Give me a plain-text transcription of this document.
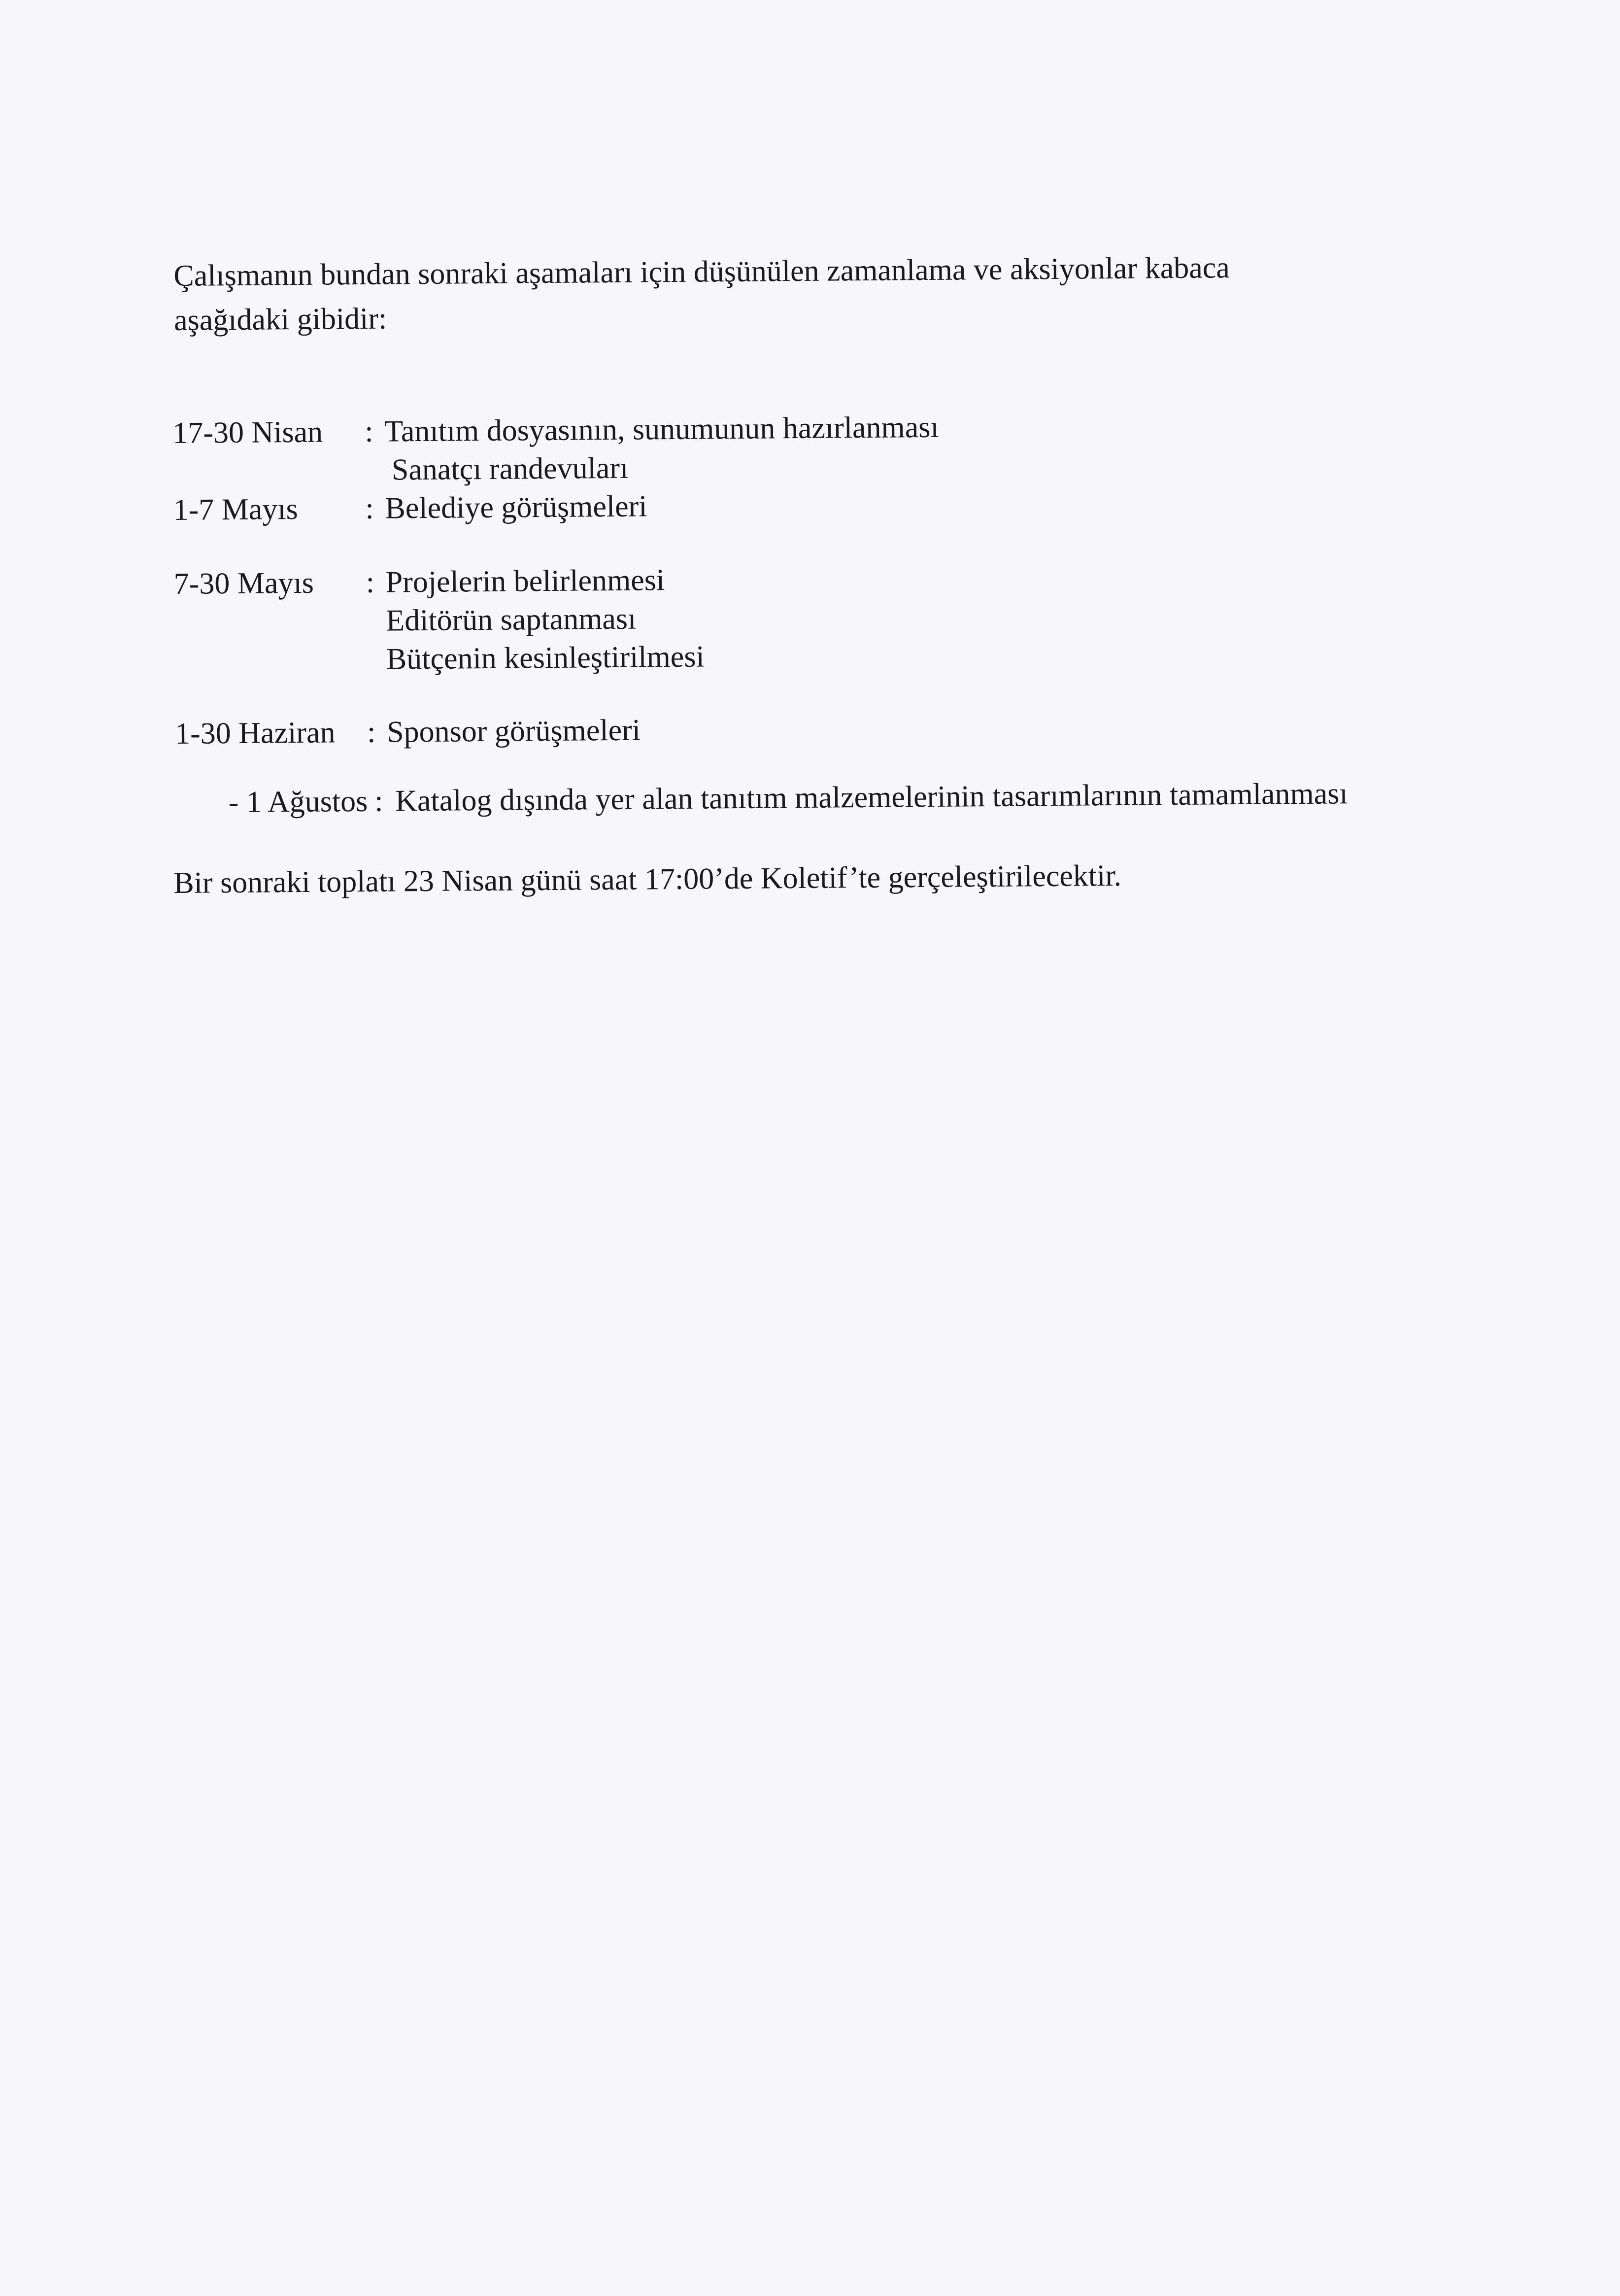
Çalışmanın bundan sonraki aşamaları için düşünülen zamanlama ve aksiyonlar kabaca
aşağıdaki gibidir:
17-30 Nisan	: Tanıtım dosyasının, sunumunun hazırlanması
Sanatçı randevuları
1-7 Mayıs	: Belediye görüşmeleri
7-30 Mayıs	: Projelerin belirlenmesi
Editörün saptanması
Bütçenin kesinleştirilmesi
1-30 Haziran	: Sponsor görüşmeleri
- 1 Ağustos : Katalog dışında yer alan tanıtım malzemelerinin tasarımlarının tamamlanması
Bir sonraki toplatı 23 Nisan günü saat 17:00’de Koletif’te gerçeleştirilecektir.
